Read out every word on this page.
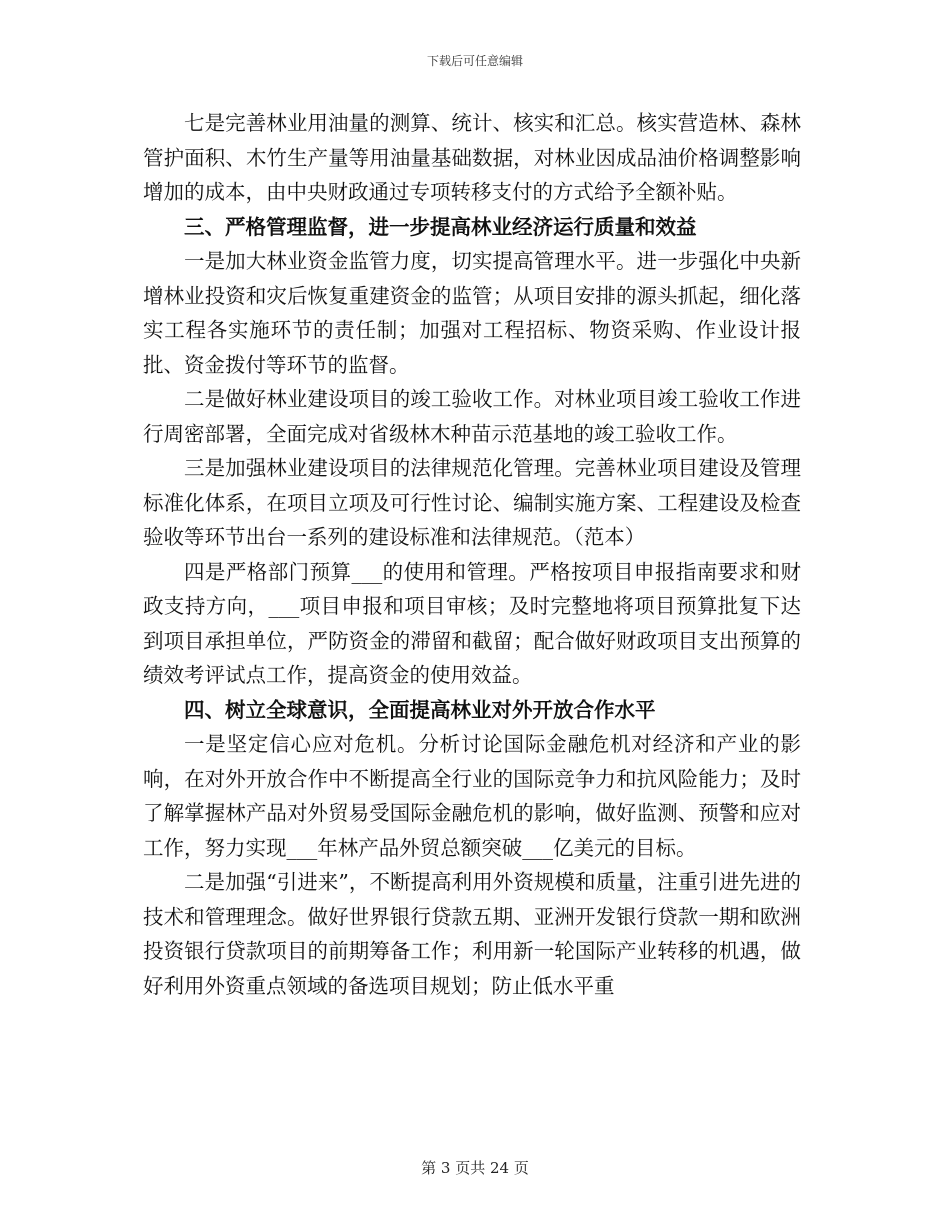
下载后可任意编辑

七是完善林业用油量的测算、统计、核实和汇总。核实营造林、森林管护面积、木竹生产量等用油量基础数据，对林业因成品油价格调整影响增加的成本，由中央财政通过专项转移支付的方式给予全额补贴。

三、严格管理监督，进一步提高林业经济运行质量和效益

一是加大林业资金监管力度，切实提高管理水平。进一步强化中央新增林业投资和灾后恢复重建资金的监管；从项目安排的源头抓起，细化落实工程各实施环节的责任制；加强对工程招标、物资采购、作业设计报批、资金拨付等环节的监督。

二是做好林业建设项目的竣工验收工作。对林业项目竣工验收工作进行周密部署，全面完成对省级林木种苗示范基地的竣工验收工作。

三是加强林业建设项目的法律规范化管理。完善林业项目建设及管理标准化体系，在项目立项及可行性讨论、编制实施方案、工程建设及检查验收等环节出台一系列的建设标准和法律规范。（范本）

四是严格部门预算___的使用和管理。严格按项目申报指南要求和财政支持方向，___项目申报和项目审核；及时完整地将项目预算批复下达到项目承担单位，严防资金的滞留和截留；配合做好财政项目支出预算的绩效考评试点工作，提高资金的使用效益。

四、树立全球意识，全面提高林业对外开放合作水平

一是坚定信心应对危机。分析讨论国际金融危机对经济和产业的影响，在对外开放合作中不断提高全行业的国际竞争力和抗风险能力；及时了解掌握林产品对外贸易受国际金融危机的影响，做好监测、预警和应对工作，努力实现___年林产品外贸总额突破___亿美元的目标。

二是加强“引进来”，不断提高利用外资规模和质量，注重引进先进的技术和管理理念。做好世界银行贷款五期、亚洲开发银行贷款一期和欧洲投资银行贷款项目的前期筹备工作；利用新一轮国际产业转移的机遇，做好利用外资重点领域的备选项目规划；防止低水平重

第 3 页共 24 页
